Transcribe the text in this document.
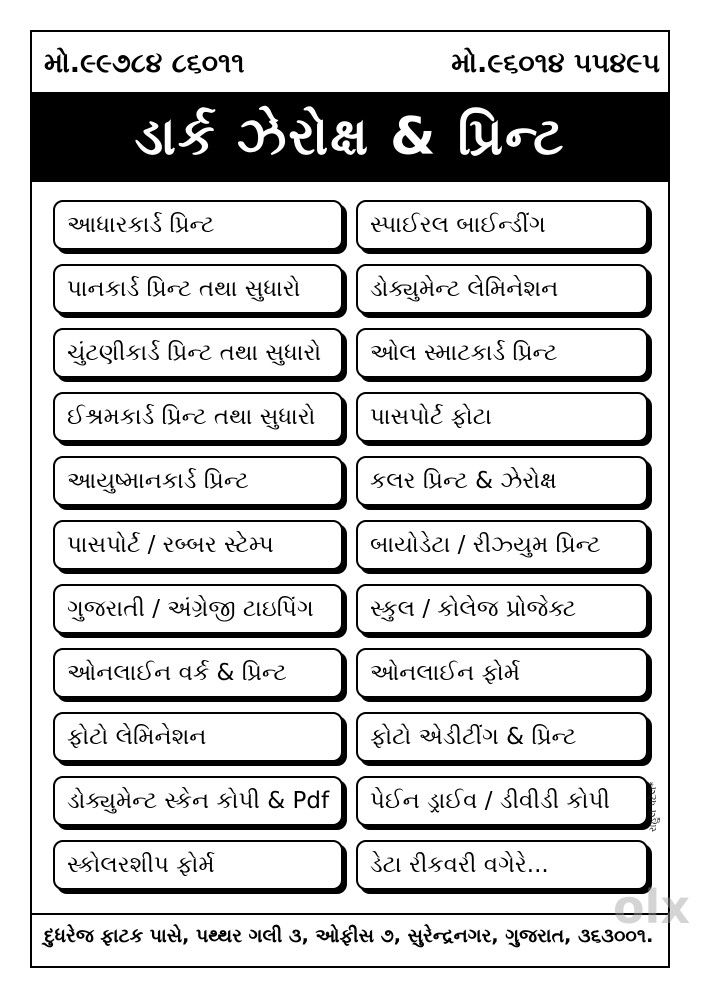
મો.૯૯૭૮૪ ૮૬૦૧૧	મો.૯૬૦૧૪ ૫૫૪૯૫
ડાર્ક ઝેરોક્ષ & પ્રિન્ટ
આધારકાર્ડ પ્રિન્ટ
પાનકાર્ડ પ્રિન્ટ તથા સુધારો
ચુંટણીકાર્ડ પ્રિન્ટ તથા સુધારો
ઈશ્રમકાર્ડ પ્રિન્ટ તથા સુધારો
આયુષ્માનકાર્ડ પ્રિન્ટ
પાસપોર્ટ / રબ્બર સ્ટેમ્પ
ગુજરાતી / અંગ્રેજી ટાઇપિંગ
ઓનલાઈન વર્ક & પ્રિન્ટ
ફોટો લેમિનેશન
ડોક્યુમેન્ટ સ્કેન કોપી & Pdf
સ્કોલરશીપ ફોર્મ
સ્પાઈરલ બાઈન્ડીંગ
ડોક્યુમેન્ટ લેમિનેશન
ઓલ સ્માટકાર્ડ પ્રિન્ટ
પાસપોર્ટ ફોટા
કલર પ્રિન્ટ & ઝેરોક્ષ
બાયોડેટા / રીઝ્યુમ પ્રિન્ટ
સ્કુલ / કોલેજ પ્રોજેક્ટ
ઓનલાઈન ફોર્મ
ફોટો એડીટીંગ & પ્રિન્ટ
પેઈન ડ્રાઈવ / ડીવીડી કોપી
ડેટા રીકવરી વગેરે...
રાહુલ પટેલ*
દુધરેજ ફાટક પાસે, પથ્થર ગલી ૩, ઓફીસ ૭, સુરેન્દ્રનગર, ગુજરાત, ૩૬૩૦૦૧.
olx
